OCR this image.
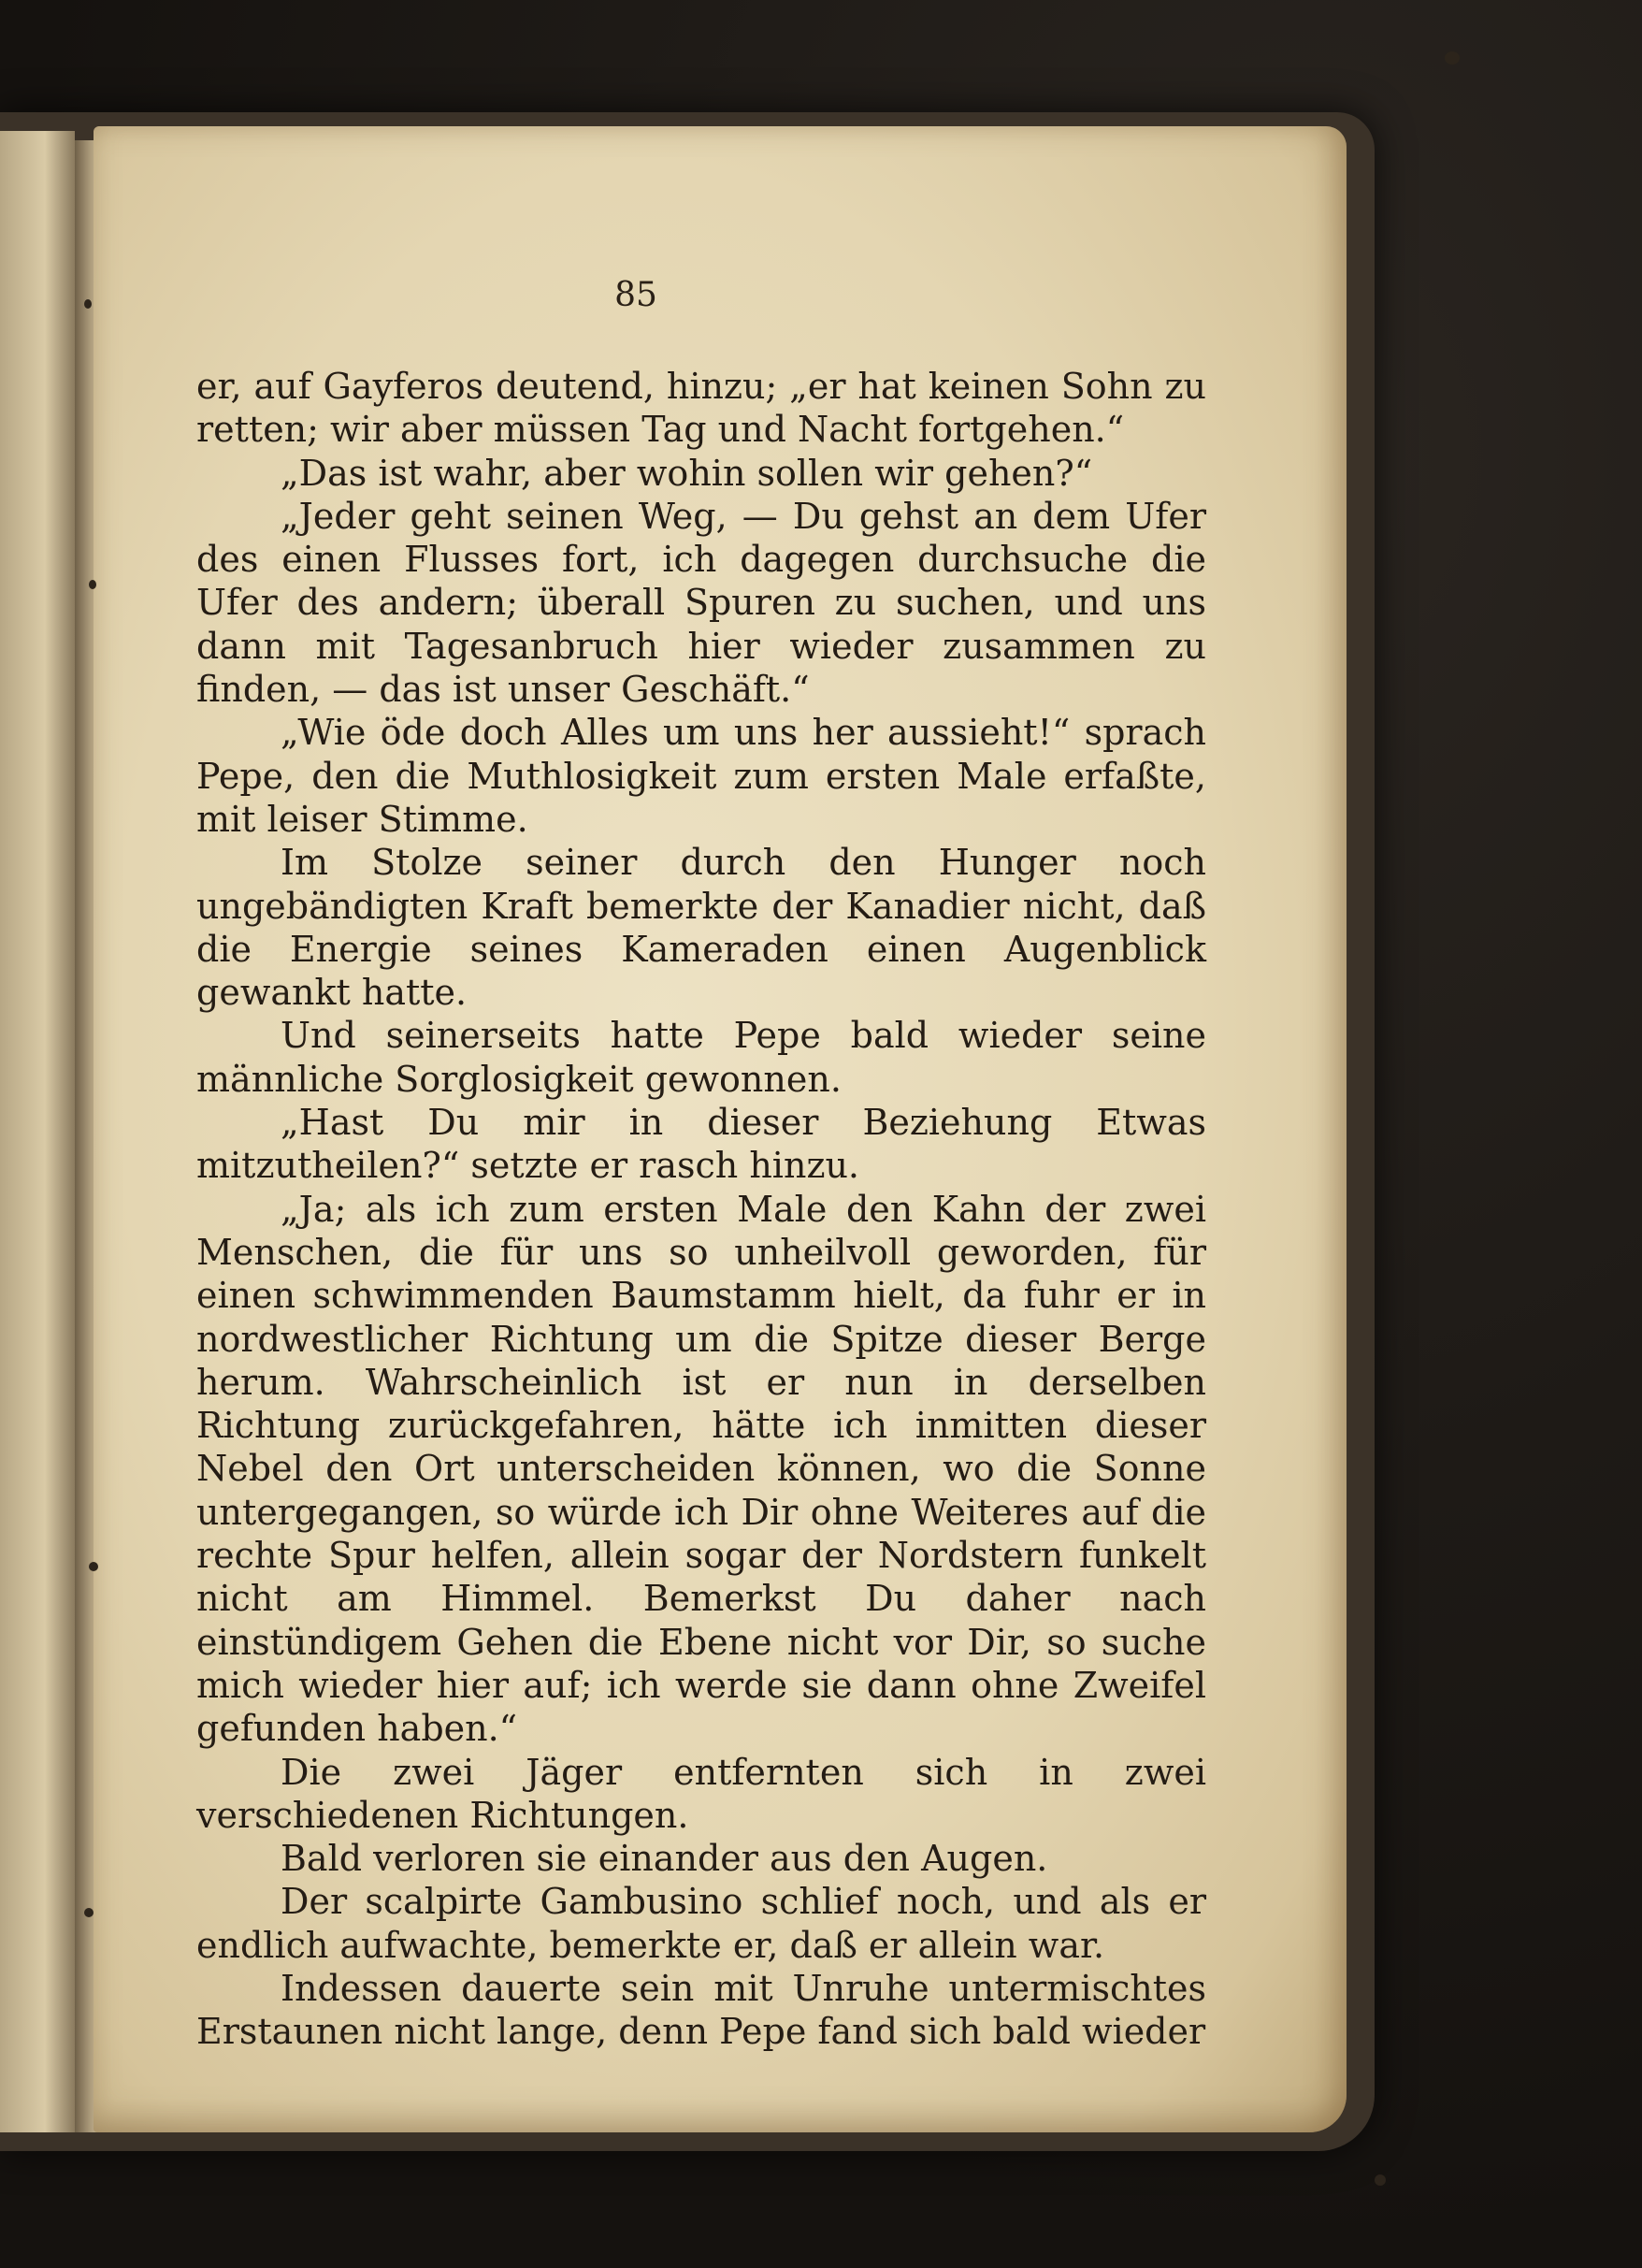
85

er, auf Gayferos deutend, hinzu; „er hat keinen Sohn zu retten; wir aber müssen Tag und Nacht fortgehen.“

„Das ist wahr, aber wohin sollen wir gehen?“

„Jeder geht seinen Weg, — Du gehst an dem Ufer des einen Flusses fort, ich dagegen durchsuche die Ufer des andern; überall Spuren zu suchen, und uns dann mit Tagesanbruch hier wieder zusammen zu finden, — das ist unser Geschäft.“

„Wie öde doch Alles um uns her aussieht!“ sprach Pepe, den die Muthlosigkeit zum ersten Male erfaßte, mit leiser Stimme.

Im Stolze seiner durch den Hunger noch ungebändigten Kraft bemerkte der Kanadier nicht, daß die Energie seines Kameraden einen Augenblick gewankt hatte.

Und seinerseits hatte Pepe bald wieder seine männliche Sorglosigkeit gewonnen.

„Hast Du mir in dieser Beziehung Etwas mitzutheilen?“ setzte er rasch hinzu.

„Ja; als ich zum ersten Male den Kahn der zwei Menschen, die für uns so unheilvoll geworden, für einen schwimmenden Baumstamm hielt, da fuhr er in nordwestlicher Richtung um die Spitze dieser Berge herum. Wahrscheinlich ist er nun in derselben Richtung zurückgefahren, hätte ich inmitten dieser Nebel den Ort unterscheiden können, wo die Sonne untergegangen, so würde ich Dir ohne Weiteres auf die rechte Spur helfen, allein sogar der Nordstern funkelt nicht am Himmel. Bemerkst Du daher nach einstündigem Gehen die Ebene nicht vor Dir, so suche mich wieder hier auf; ich werde sie dann ohne Zweifel gefunden haben.“

Die zwei Jäger entfernten sich in zwei verschiedenen Richtungen.

Bald verloren sie einander aus den Augen.

Der scalpirte Gambusino schlief noch, und als er endlich aufwachte, bemerkte er, daß er allein war.

Indessen dauerte sein mit Unruhe untermischtes Erstaunen nicht lange, denn Pepe fand sich bald wieder
